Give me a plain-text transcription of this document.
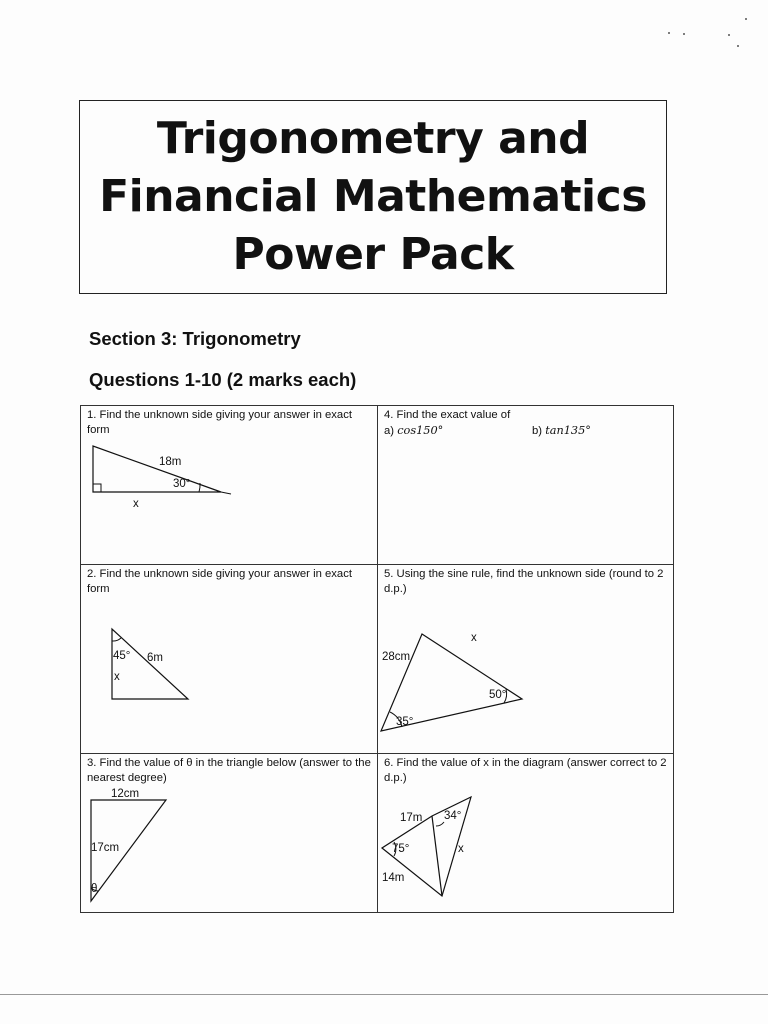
Trigonometry and
Financial Mathematics
Power Pack
Section 3: Trigonometry
Questions 1-10 (2 marks each)
1. Find the unknown side giving your answer in exact form
18m
30°
x
4. Find the exact value of
a) cos150°	b) tan135°
2. Find the unknown side giving your answer in exact form
45° 6m
x
5. Using the sine rule, find the unknown side (round to 2 d.p.)
28cm
x
50°
35°
3. Find the value of θ in the triangle below (answer to the nearest degree)
12cm
17cm
θ
6. Find the value of x in the diagram (answer correct to 2 d.p.)
17m 34°
75°
14m
x
